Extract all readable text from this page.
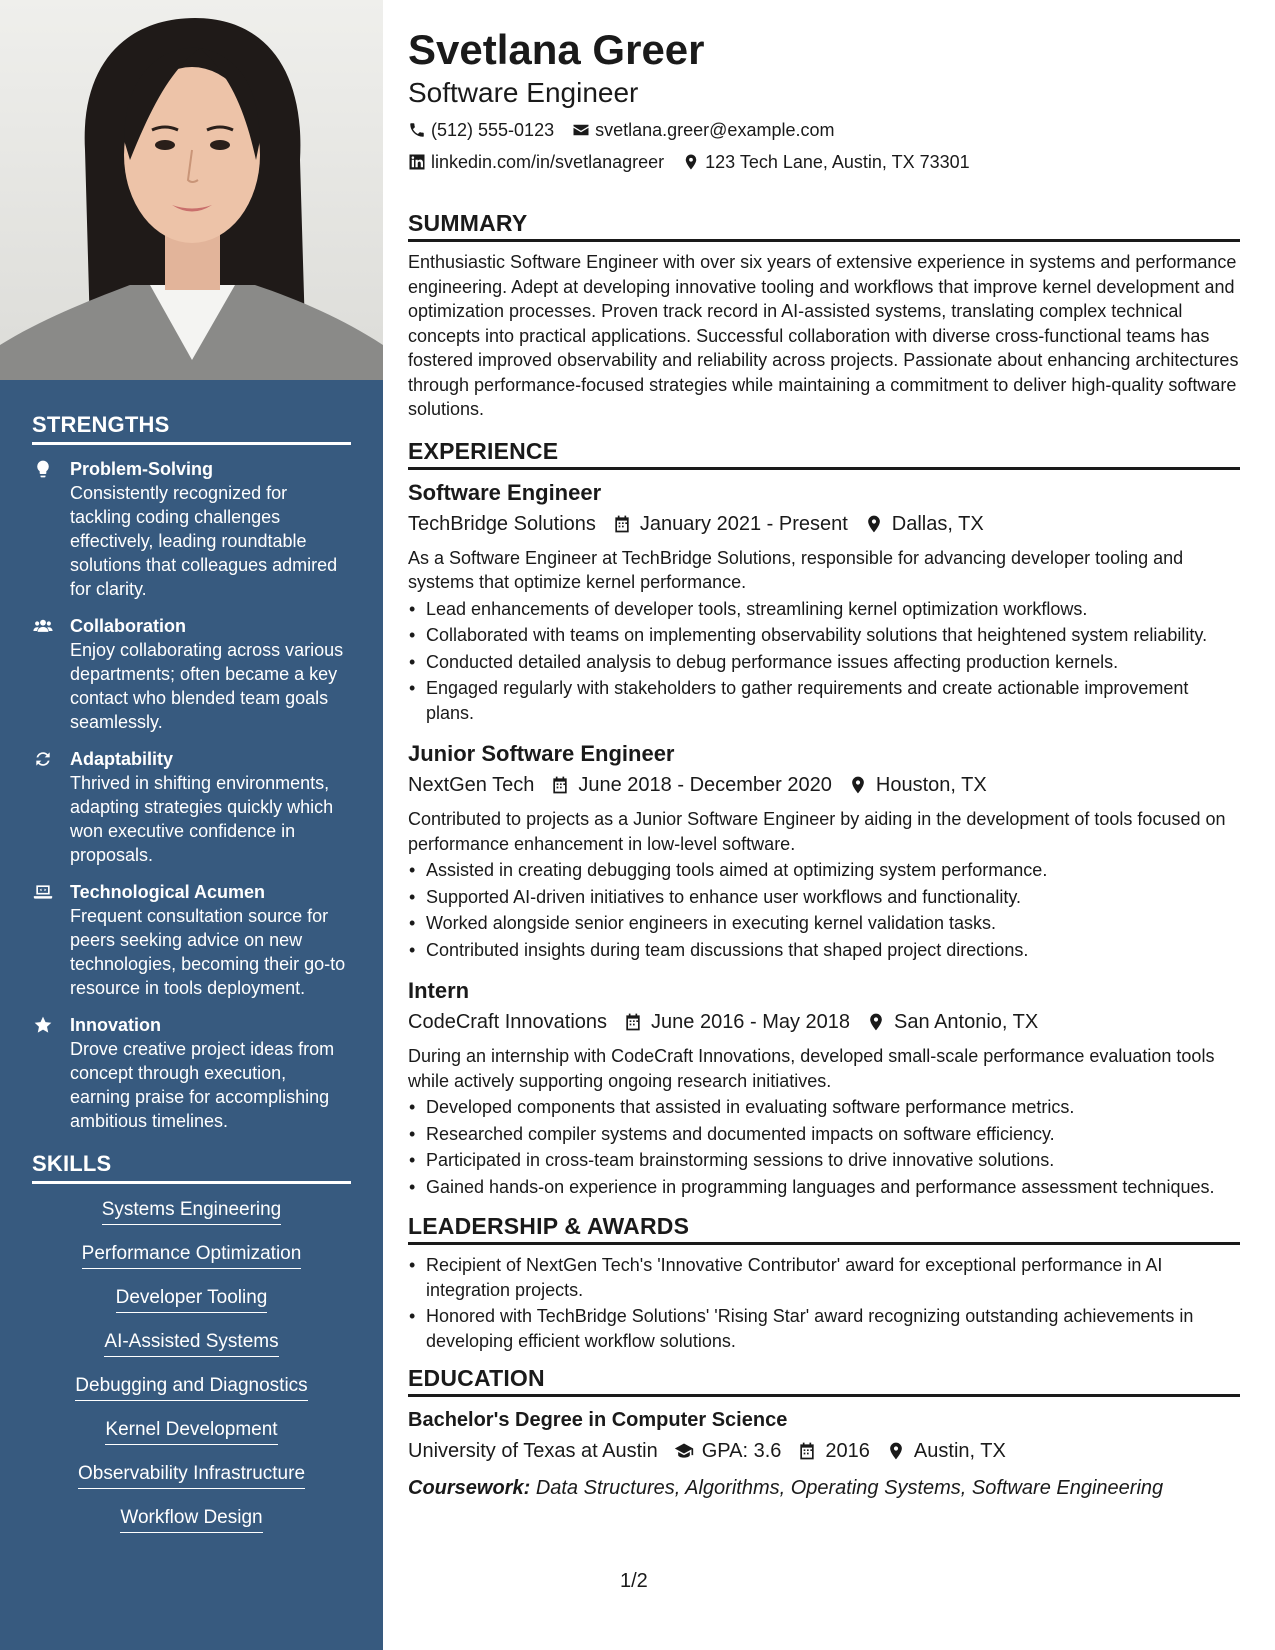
STRENGTHS
Problem-Solving
Consistently recognized for tackling coding challenges effectively, leading roundtable solutions that colleagues admired for clarity.
Collaboration
Enjoy collaborating across various departments; often became a key contact who blended team goals seamlessly.
Adaptability
Thrived in shifting environments, adapting strategies quickly which won executive confidence in proposals.
Technological Acumen
Frequent consultation source for peers seeking advice on new technologies, becoming their go-to resource in tools deployment.
Innovation
Drove creative project ideas from concept through execution, earning praise for accomplishing ambitious timelines.
SKILLS
Systems Engineering
Performance Optimization
Developer Tooling
AI-Assisted Systems
Debugging and Diagnostics
Kernel Development
Observability Infrastructure
Workflow Design
Svetlana Greer
Software Engineer
(512) 555-0123 svetlana.greer@example.com
linkedin.com/in/svetlanagreer 123 Tech Lane, Austin, TX 73301
SUMMARY
Enthusiastic Software Engineer with over six years of extensive experience in systems and performance engineering. Adept at developing innovative tooling and workflows that improve kernel development and optimization processes. Proven track record in AI-assisted systems, translating complex technical concepts into practical applications. Successful collaboration with diverse cross-functional teams has fostered improved observability and reliability across projects. Passionate about enhancing architectures through performance-focused strategies while maintaining a commitment to deliver high-quality software solutions.
EXPERIENCE
Software Engineer
TechBridge Solutions January 2021 - Present Dallas, TX
As a Software Engineer at TechBridge Solutions, responsible for advancing developer tooling and systems that optimize kernel performance.
• Lead enhancements of developer tools, streamlining kernel optimization workflows.
• Collaborated with teams on implementing observability solutions that heightened system reliability.
• Conducted detailed analysis to debug performance issues affecting production kernels.
• Engaged regularly with stakeholders to gather requirements and create actionable improvement plans.
Junior Software Engineer
NextGen Tech June 2018 - December 2020 Houston, TX
Contributed to projects as a Junior Software Engineer by aiding in the development of tools focused on performance enhancement in low-level software.
• Assisted in creating debugging tools aimed at optimizing system performance.
• Supported AI-driven initiatives to enhance user workflows and functionality.
• Worked alongside senior engineers in executing kernel validation tasks.
• Contributed insights during team discussions that shaped project directions.
Intern
CodeCraft Innovations June 2016 - May 2018 San Antonio, TX
During an internship with CodeCraft Innovations, developed small-scale performance evaluation tools while actively supporting ongoing research initiatives.
• Developed components that assisted in evaluating software performance metrics.
• Researched compiler systems and documented impacts on software efficiency.
• Participated in cross-team brainstorming sessions to drive innovative solutions.
• Gained hands-on experience in programming languages and performance assessment techniques.
LEADERSHIP & AWARDS
• Recipient of NextGen Tech's 'Innovative Contributor' award for exceptional performance in AI integration projects.
• Honored with TechBridge Solutions' 'Rising Star' award recognizing outstanding achievements in developing efficient workflow solutions.
EDUCATION
Bachelor's Degree in Computer Science
University of Texas at Austin GPA: 3.6 2016 Austin, TX
Coursework: Data Structures, Algorithms, Operating Systems, Software Engineering
1/2
